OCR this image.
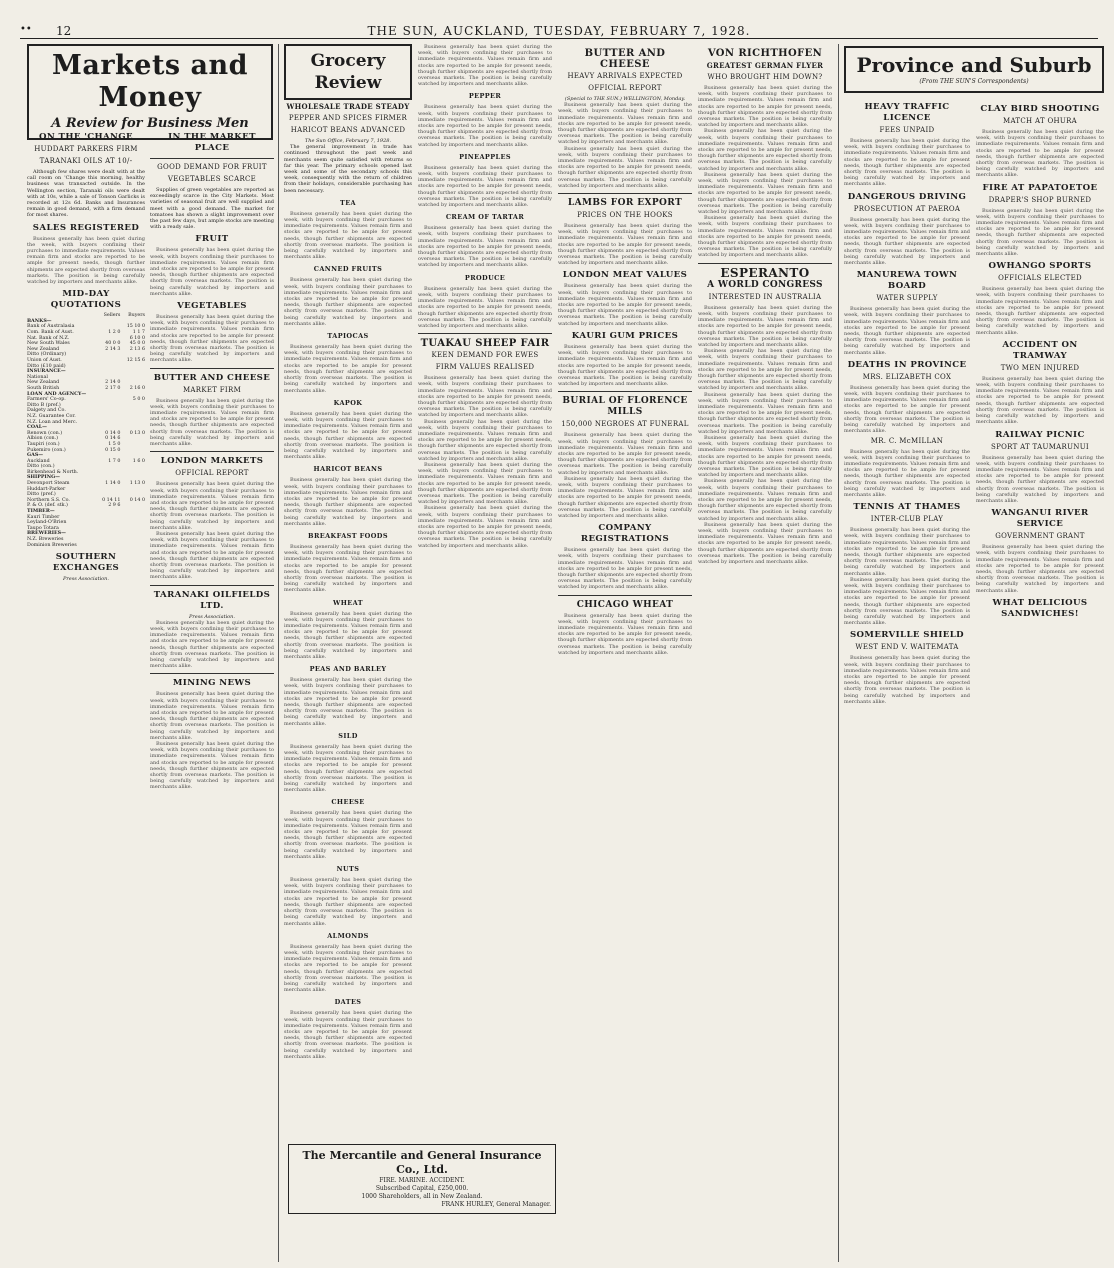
•• 12	THE SUN, AUCKLAND, TUESDAY, FEBRUARY 7, 1928.
Markets and Money
A Review for Business Men
ON THE 'CHANGE
HUDDART PARKERS FIRM
TARANAKI OILS AT 10/-
Although few shares were dealt with at the call room on 'Change this morning, healthy business was transacted outside. In the Wellington section, Taranaki oils were dealt with at 10s, while a sale of Tonson Garlicks is recorded at 12s 6d. Banks and Insurances remain in good demand, with a firm demand for most shares.
SALES REGISTERED
Business generally has been quiet during the week, with buyers confining their purchases to immediate requirements. Values remain firm and stocks are reported to be ample for present needs, though further shipments are expected shortly from overseas markets. The position is being carefully watched by importers and merchants alike.
MID-DAY QUOTATIONS
	Sellers	Buyers
BANKS—		
Bank of Australasia		15 10 0
Com. Bank of Aust.	1 2 0	1 1 7
Nat. Bank of N.Z.		6 10 0
New South Wales	40 0 0	45 0 0
New Zealand	2 14 3	2 13 6
Ditto (Ordinary)		
Union of Aust.		12 15 6
Ditto (£10 paid)		
INSURANCE—		
National		
New Zealand	2 14 0	
South British	2 17 0	2 16 0
LOAN AND AGENCY—		
Farmers' Co-op.		5 0 0
Ditto B (pref.)		
Dalgety and Co.		
N.Z. Guarantee Cor.		
N.Z. Loan and Merc.		
COAL—		
Renown (con.)	0 14 0	0 13 0
Albion (con.)	0 14 6	
Taupiri (con.)	1 5 0	
Pukemiro (con.)	0 15 0	
GAS—		
Auckland	1 7 0	1 6 0
Ditto (con.)		
Birkenhead & North.		
SHIPPING—		
Devonport Steam	1 14 0	1 13 0
Huddart-Parker		
Ditto (pref.)		
Northern S.S. Co.	0 14 11	0 14 0
P. & O. (def. stk.)	2 9 6	
TIMBER—		
Kauri Timber		
Leyland-O'Brien		
Taupo Totara		
BREWERIES—		
N.Z. Breweries		
Dominion Breweries		
SOUTHERN EXCHANGES
Press Association.
IN THE MARKET PLACE
GOOD DEMAND FOR FRUIT
VEGETABLES SCARCE
Supplies of green vegetables are reported as exceedingly scarce in the City Markets. Most varieties of seasonal fruit are well supplied and meet with a good demand. The market for tomatoes has shown a slight improvement over the past few days, but ample stocks are meeting with a ready sale.
FRUIT
Business generally has been quiet during the week, with buyers confining their purchases to immediate requirements. Values remain firm and stocks are reported to be ample for present needs, though further shipments are expected shortly from overseas markets. The position is being carefully watched by importers and merchants alike.
VEGETABLES
Business generally has been quiet during the week, with buyers confining their purchases to immediate requirements. Values remain firm and stocks are reported to be ample for present needs, though further shipments are expected shortly from overseas markets. The position is being carefully watched by importers and merchants alike.
BUTTER AND CHEESE
MARKET FIRM
Business generally has been quiet during the week, with buyers confining their purchases to immediate requirements. Values remain firm and stocks are reported to be ample for present needs, though further shipments are expected shortly from overseas markets. The position is being carefully watched by importers and merchants alike.
LONDON MARKETS
OFFICIAL REPORT
Business generally has been quiet during the week, with buyers confining their purchases to immediate requirements. Values remain firm and stocks are reported to be ample for present needs, though further shipments are expected shortly from overseas markets. The position is being carefully watched by importers and merchants alike.
Business generally has been quiet during the week, with buyers confining their purchases to immediate requirements. Values remain firm and stocks are reported to be ample for present needs, though further shipments are expected shortly from overseas markets. The position is being carefully watched by importers and merchants alike.
TARANAKI OILFIELDS LTD.
Press Association.
Business generally has been quiet during the week, with buyers confining their purchases to immediate requirements. Values remain firm and stocks are reported to be ample for present needs, though further shipments are expected shortly from overseas markets. The position is being carefully watched by importers and merchants alike.
MINING NEWS
Business generally has been quiet during the week, with buyers confining their purchases to immediate requirements. Values remain firm and stocks are reported to be ample for present needs, though further shipments are expected shortly from overseas markets. The position is being carefully watched by importers and merchants alike.
Business generally has been quiet during the week, with buyers confining their purchases to immediate requirements. Values remain firm and stocks are reported to be ample for present needs, though further shipments are expected shortly from overseas markets. The position is being carefully watched by importers and merchants alike.
Grocery Review
WHOLESALE TRADE STEADY
PEPPER AND SPICES FIRMER
HARICOT BEANS ADVANCED
The Sun Office, February 7, 1928.
The general improvement in trade has continued throughout the past week and merchants seem quite satisfied with returns so far this year. The primary schools opened last week and some of the secondary schools this week, consequently with the return of children from their holidays, considerable purchasing has been necessary.
TEA
Business generally has been quiet during the week, with buyers confining their purchases to immediate requirements. Values remain firm and stocks are reported to be ample for present needs, though further shipments are expected shortly from overseas markets. The position is being carefully watched by importers and merchants alike.
CANNED FRUITS
Business generally has been quiet during the week, with buyers confining their purchases to immediate requirements. Values remain firm and stocks are reported to be ample for present needs, though further shipments are expected shortly from overseas markets. The position is being carefully watched by importers and merchants alike.
TAPIOCAS
Business generally has been quiet during the week, with buyers confining their purchases to immediate requirements. Values remain firm and stocks are reported to be ample for present needs, though further shipments are expected shortly from overseas markets. The position is being carefully watched by importers and merchants alike.
KAPOK
Business generally has been quiet during the week, with buyers confining their purchases to immediate requirements. Values remain firm and stocks are reported to be ample for present needs, though further shipments are expected shortly from overseas markets. The position is being carefully watched by importers and merchants alike.
HARICOT BEANS
Business generally has been quiet during the week, with buyers confining their purchases to immediate requirements. Values remain firm and stocks are reported to be ample for present needs, though further shipments are expected shortly from overseas markets. The position is being carefully watched by importers and merchants alike.
BREAKFAST FOODS
Business generally has been quiet during the week, with buyers confining their purchases to immediate requirements. Values remain firm and stocks are reported to be ample for present needs, though further shipments are expected shortly from overseas markets. The position is being carefully watched by importers and merchants alike.
WHEAT
Business generally has been quiet during the week, with buyers confining their purchases to immediate requirements. Values remain firm and stocks are reported to be ample for present needs, though further shipments are expected shortly from overseas markets. The position is being carefully watched by importers and merchants alike.
PEAS AND BARLEY
Business generally has been quiet during the week, with buyers confining their purchases to immediate requirements. Values remain firm and stocks are reported to be ample for present needs, though further shipments are expected shortly from overseas markets. The position is being carefully watched by importers and merchants alike.
SILD
Business generally has been quiet during the week, with buyers confining their purchases to immediate requirements. Values remain firm and stocks are reported to be ample for present needs, though further shipments are expected shortly from overseas markets. The position is being carefully watched by importers and merchants alike.
CHEESE
Business generally has been quiet during the week, with buyers confining their purchases to immediate requirements. Values remain firm and stocks are reported to be ample for present needs, though further shipments are expected shortly from overseas markets. The position is being carefully watched by importers and merchants alike.
NUTS
Business generally has been quiet during the week, with buyers confining their purchases to immediate requirements. Values remain firm and stocks are reported to be ample for present needs, though further shipments are expected shortly from overseas markets. The position is being carefully watched by importers and merchants alike.
ALMONDS
Business generally has been quiet during the week, with buyers confining their purchases to immediate requirements. Values remain firm and stocks are reported to be ample for present needs, though further shipments are expected shortly from overseas markets. The position is being carefully watched by importers and merchants alike.
DATES
Business generally has been quiet during the week, with buyers confining their purchases to immediate requirements. Values remain firm and stocks are reported to be ample for present needs, though further shipments are expected shortly from overseas markets. The position is being carefully watched by importers and merchants alike.
The Mercantile and General Insurance Co., Ltd.
FIRE. MARINE. ACCIDENT.
Subscribed Capital, £250,000.
1000 Shareholders, all in New Zealand.
FRANK HURLEY, General Manager.
Business generally has been quiet during the week, with buyers confining their purchases to immediate requirements. Values remain firm and stocks are reported to be ample for present needs, though further shipments are expected shortly from overseas markets. The position is being carefully watched by importers and merchants alike.
PEPPER
Business generally has been quiet during the week, with buyers confining their purchases to immediate requirements. Values remain firm and stocks are reported to be ample for present needs, though further shipments are expected shortly from overseas markets. The position is being carefully watched by importers and merchants alike.
PINEAPPLES
Business generally has been quiet during the week, with buyers confining their purchases to immediate requirements. Values remain firm and stocks are reported to be ample for present needs, though further shipments are expected shortly from overseas markets. The position is being carefully watched by importers and merchants alike.
CREAM OF TARTAR
Business generally has been quiet during the week, with buyers confining their purchases to immediate requirements. Values remain firm and stocks are reported to be ample for present needs, though further shipments are expected shortly from overseas markets. The position is being carefully watched by importers and merchants alike.
PRODUCE
Business generally has been quiet during the week, with buyers confining their purchases to immediate requirements. Values remain firm and stocks are reported to be ample for present needs, though further shipments are expected shortly from overseas markets. The position is being carefully watched by importers and merchants alike.
TUAKAU SHEEP FAIR
KEEN DEMAND FOR EWES
FIRM VALUES REALISED
Business generally has been quiet during the week, with buyers confining their purchases to immediate requirements. Values remain firm and stocks are reported to be ample for present needs, though further shipments are expected shortly from overseas markets. The position is being carefully watched by importers and merchants alike.
Business generally has been quiet during the week, with buyers confining their purchases to immediate requirements. Values remain firm and stocks are reported to be ample for present needs, though further shipments are expected shortly from overseas markets. The position is being carefully watched by importers and merchants alike.
Business generally has been quiet during the week, with buyers confining their purchases to immediate requirements. Values remain firm and stocks are reported to be ample for present needs, though further shipments are expected shortly from overseas markets. The position is being carefully watched by importers and merchants alike.
Business generally has been quiet during the week, with buyers confining their purchases to immediate requirements. Values remain firm and stocks are reported to be ample for present needs, though further shipments are expected shortly from overseas markets. The position is being carefully watched by importers and merchants alike.
BUTTER AND CHEESE
HEAVY ARRIVALS EXPECTED
OFFICIAL REPORT
(Special to THE SUN.) WELLINGTON, Monday.
Business generally has been quiet during the week, with buyers confining their purchases to immediate requirements. Values remain firm and stocks are reported to be ample for present needs, though further shipments are expected shortly from overseas markets. The position is being carefully watched by importers and merchants alike.
Business generally has been quiet during the week, with buyers confining their purchases to immediate requirements. Values remain firm and stocks are reported to be ample for present needs, though further shipments are expected shortly from overseas markets. The position is being carefully watched by importers and merchants alike.
LAMBS FOR EXPORT
PRICES ON THE HOOKS
Business generally has been quiet during the week, with buyers confining their purchases to immediate requirements. Values remain firm and stocks are reported to be ample for present needs, though further shipments are expected shortly from overseas markets. The position is being carefully watched by importers and merchants alike.
LONDON MEAT VALUES
Business generally has been quiet during the week, with buyers confining their purchases to immediate requirements. Values remain firm and stocks are reported to be ample for present needs, though further shipments are expected shortly from overseas markets. The position is being carefully watched by importers and merchants alike.
KAURI GUM PRICES
Business generally has been quiet during the week, with buyers confining their purchases to immediate requirements. Values remain firm and stocks are reported to be ample for present needs, though further shipments are expected shortly from overseas markets. The position is being carefully watched by importers and merchants alike.
BURIAL OF FLORENCE MILLS
150,000 NEGROES AT FUNERAL
Business generally has been quiet during the week, with buyers confining their purchases to immediate requirements. Values remain firm and stocks are reported to be ample for present needs, though further shipments are expected shortly from overseas markets. The position is being carefully watched by importers and merchants alike.
Business generally has been quiet during the week, with buyers confining their purchases to immediate requirements. Values remain firm and stocks are reported to be ample for present needs, though further shipments are expected shortly from overseas markets. The position is being carefully watched by importers and merchants alike.
COMPANY REGISTRATIONS
Business generally has been quiet during the week, with buyers confining their purchases to immediate requirements. Values remain firm and stocks are reported to be ample for present needs, though further shipments are expected shortly from overseas markets. The position is being carefully watched by importers and merchants alike.
CHICAGO WHEAT
Business generally has been quiet during the week, with buyers confining their purchases to immediate requirements. Values remain firm and stocks are reported to be ample for present needs, though further shipments are expected shortly from overseas markets. The position is being carefully watched by importers and merchants alike.
VON RICHTHOFEN
GREATEST GERMAN FLYER
WHO BROUGHT HIM DOWN?
Business generally has been quiet during the week, with buyers confining their purchases to immediate requirements. Values remain firm and stocks are reported to be ample for present needs, though further shipments are expected shortly from overseas markets. The position is being carefully watched by importers and merchants alike.
Business generally has been quiet during the week, with buyers confining their purchases to immediate requirements. Values remain firm and stocks are reported to be ample for present needs, though further shipments are expected shortly from overseas markets. The position is being carefully watched by importers and merchants alike.
Business generally has been quiet during the week, with buyers confining their purchases to immediate requirements. Values remain firm and stocks are reported to be ample for present needs, though further shipments are expected shortly from overseas markets. The position is being carefully watched by importers and merchants alike.
Business generally has been quiet during the week, with buyers confining their purchases to immediate requirements. Values remain firm and stocks are reported to be ample for present needs, though further shipments are expected shortly from overseas markets. The position is being carefully watched by importers and merchants alike.
ESPERANTO
A WORLD CONGRESS
INTERESTED IN AUSTRALIA
Business generally has been quiet during the week, with buyers confining their purchases to immediate requirements. Values remain firm and stocks are reported to be ample for present needs, though further shipments are expected shortly from overseas markets. The position is being carefully watched by importers and merchants alike.
Business generally has been quiet during the week, with buyers confining their purchases to immediate requirements. Values remain firm and stocks are reported to be ample for present needs, though further shipments are expected shortly from overseas markets. The position is being carefully watched by importers and merchants alike.
Business generally has been quiet during the week, with buyers confining their purchases to immediate requirements. Values remain firm and stocks are reported to be ample for present needs, though further shipments are expected shortly from overseas markets. The position is being carefully watched by importers and merchants alike.
Business generally has been quiet during the week, with buyers confining their purchases to immediate requirements. Values remain firm and stocks are reported to be ample for present needs, though further shipments are expected shortly from overseas markets. The position is being carefully watched by importers and merchants alike.
Business generally has been quiet during the week, with buyers confining their purchases to immediate requirements. Values remain firm and stocks are reported to be ample for present needs, though further shipments are expected shortly from overseas markets. The position is being carefully watched by importers and merchants alike.
Business generally has been quiet during the week, with buyers confining their purchases to immediate requirements. Values remain firm and stocks are reported to be ample for present needs, though further shipments are expected shortly from overseas markets. The position is being carefully watched by importers and merchants alike.
Province and Suburb
(From THE SUN'S Correspondents)
HEAVY TRAFFIC LICENCE
FEES UNPAID
Business generally has been quiet during the week, with buyers confining their purchases to immediate requirements. Values remain firm and stocks are reported to be ample for present needs, though further shipments are expected shortly from overseas markets. The position is being carefully watched by importers and merchants alike.
DANGEROUS DRIVING
PROSECUTION AT PAEROA
Business generally has been quiet during the week, with buyers confining their purchases to immediate requirements. Values remain firm and stocks are reported to be ample for present needs, though further shipments are expected shortly from overseas markets. The position is being carefully watched by importers and merchants alike.
MANUREWA TOWN BOARD
WATER SUPPLY
Business generally has been quiet during the week, with buyers confining their purchases to immediate requirements. Values remain firm and stocks are reported to be ample for present needs, though further shipments are expected shortly from overseas markets. The position is being carefully watched by importers and merchants alike.
DEATHS IN PROVINCE
MRS. ELIZABETH COX
Business generally has been quiet during the week, with buyers confining their purchases to immediate requirements. Values remain firm and stocks are reported to be ample for present needs, though further shipments are expected shortly from overseas markets. The position is being carefully watched by importers and merchants alike.
MR. C. McMILLAN
Business generally has been quiet during the week, with buyers confining their purchases to immediate requirements. Values remain firm and stocks are reported to be ample for present needs, though further shipments are expected shortly from overseas markets. The position is being carefully watched by importers and merchants alike.
TENNIS AT THAMES
INTER-CLUB PLAY
Business generally has been quiet during the week, with buyers confining their purchases to immediate requirements. Values remain firm and stocks are reported to be ample for present needs, though further shipments are expected shortly from overseas markets. The position is being carefully watched by importers and merchants alike.
Business generally has been quiet during the week, with buyers confining their purchases to immediate requirements. Values remain firm and stocks are reported to be ample for present needs, though further shipments are expected shortly from overseas markets. The position is being carefully watched by importers and merchants alike.
SOMERVILLE SHIELD
WEST END V. WAITEMATA
Business generally has been quiet during the week, with buyers confining their purchases to immediate requirements. Values remain firm and stocks are reported to be ample for present needs, though further shipments are expected shortly from overseas markets. The position is being carefully watched by importers and merchants alike.
CLAY BIRD SHOOTING
MATCH AT OHURA
Business generally has been quiet during the week, with buyers confining their purchases to immediate requirements. Values remain firm and stocks are reported to be ample for present needs, though further shipments are expected shortly from overseas markets. The position is being carefully watched by importers and merchants alike.
FIRE AT PAPATOETOE
DRAPER'S SHOP BURNED
Business generally has been quiet during the week, with buyers confining their purchases to immediate requirements. Values remain firm and stocks are reported to be ample for present needs, though further shipments are expected shortly from overseas markets. The position is being carefully watched by importers and merchants alike.
OWHANGO SPORTS
OFFICIALS ELECTED
Business generally has been quiet during the week, with buyers confining their purchases to immediate requirements. Values remain firm and stocks are reported to be ample for present needs, though further shipments are expected shortly from overseas markets. The position is being carefully watched by importers and merchants alike.
ACCIDENT ON TRAMWAY
TWO MEN INJURED
Business generally has been quiet during the week, with buyers confining their purchases to immediate requirements. Values remain firm and stocks are reported to be ample for present needs, though further shipments are expected shortly from overseas markets. The position is being carefully watched by importers and merchants alike.
RAILWAY PICNIC
SPORT AT TAUMARUNUI
Business generally has been quiet during the week, with buyers confining their purchases to immediate requirements. Values remain firm and stocks are reported to be ample for present needs, though further shipments are expected shortly from overseas markets. The position is being carefully watched by importers and merchants alike.
WANGANUI RIVER SERVICE
GOVERNMENT GRANT
Business generally has been quiet during the week, with buyers confining their purchases to immediate requirements. Values remain firm and stocks are reported to be ample for present needs, though further shipments are expected shortly from overseas markets. The position is being carefully watched by importers and merchants alike.
WHAT DELICIOUS SANDWICHES!
